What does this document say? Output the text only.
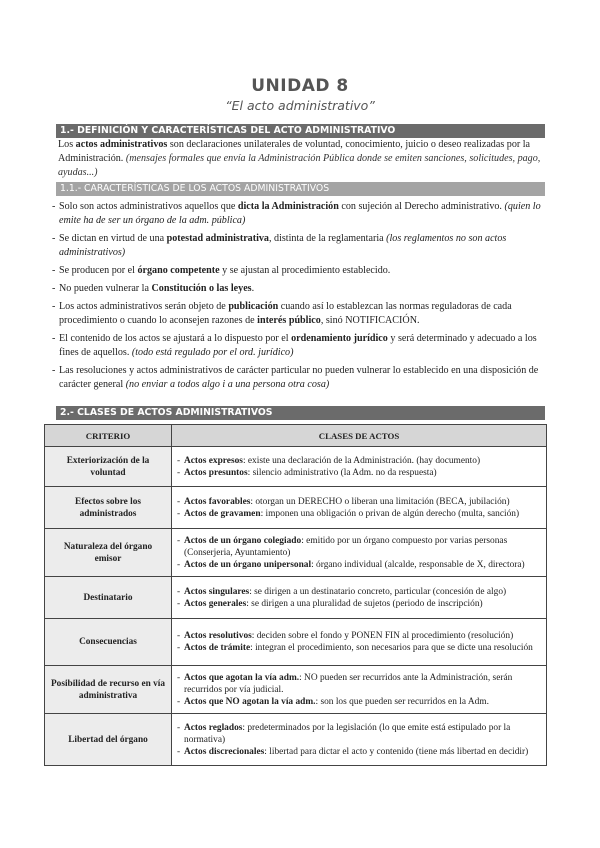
UNIDAD 8
“El acto administrativo”
1.- DEFINICIÓN Y CARACTERÍSTICAS DEL ACTO ADMINISTRATIVO
Los actos administrativos son declaraciones unilaterales de voluntad, conocimiento, juicio o deseo realizadas por la Administración. (mensajes formales que envía la Administración Pública donde se emiten sanciones, solicitudes, pago, ayudas...)
1.1.- CARACTERÍSTICAS DE LOS ACTOS ADMINISTRATIVOS
- Solo son actos administrativos aquellos que dicta la Administración con sujeción al Derecho administrativo. (quien lo emite ha de ser un órgano de la adm. pública)
- Se dictan en virtud de una potestad administrativa, distinta de la reglamentaria (los reglamentos no son actos administrativos)
- Se producen por el órgano competente y se ajustan al procedimiento establecido.
- No pueden vulnerar la Constitución o las leyes.
- Los actos administrativos serán objeto de publicación cuando así lo establezcan las normas reguladoras de cada procedimiento o cuando lo aconsejen razones de interés público, sinó NOTIFICACIÓN.
- El contenido de los actos se ajustará a lo dispuesto por el ordenamiento jurídico y será determinado y adecuado a los fines de aquellos. (todo está regulado por el ord. jurídico)
- Las resoluciones y actos administrativos de carácter particular no pueden vulnerar lo establecido en una disposición de carácter general (no enviar a todos algo i a una persona otra cosa)
2.- CLASES DE ACTOS ADMINISTRATIVOS
CRITERIO	CLASES DE ACTOS
Exteriorización de la voluntad	- Actos expresos: existe una declaración de la Administración. (hay documento)
- Actos presuntos: silencio administrativo (la Adm. no da respuesta)

Efectos sobre los administrados	- Actos favorables: otorgan un DERECHO o liberan una limitación (BECA, jubilación)
- Actos de gravamen: imponen una obligación o privan de algún derecho (multa, sanción)

Naturaleza del órgano emisor	- Actos de un órgano colegiado: emitido por un órgano compuesto por varias personas (Conserjeria, Ayuntamiento)
- Actos de un órgano unipersonal: órgano individual (alcalde, responsable de X, directora)

Destinatario	- Actos singulares: se dirigen a un destinatario concreto, particular (concesión de algo)
- Actos generales: se dirigen a una pluralidad de sujetos (periodo de inscripción)

Consecuencias	- Actos resolutivos: deciden sobre el fondo y PONEN FIN al procedimiento (resolución)
- Actos de trámite: integran el procedimiento, son necesarios para que se dicte una resolución

Posibilidad de recurso en vía administrativa	- Actos que agotan la vía adm.: NO pueden ser recurridos ante la Administración, serán recurridos por vía judicial.
- Actos que NO agotan la vía adm.: son los que pueden ser recurridos en la Adm.

Libertad del órgano	- Actos reglados: predeterminados por la legislación (lo que emite está estipulado por la normativa)
- Actos discrecionales: libertad para dictar el acto y contenido (tiene más libertad en decidir)
